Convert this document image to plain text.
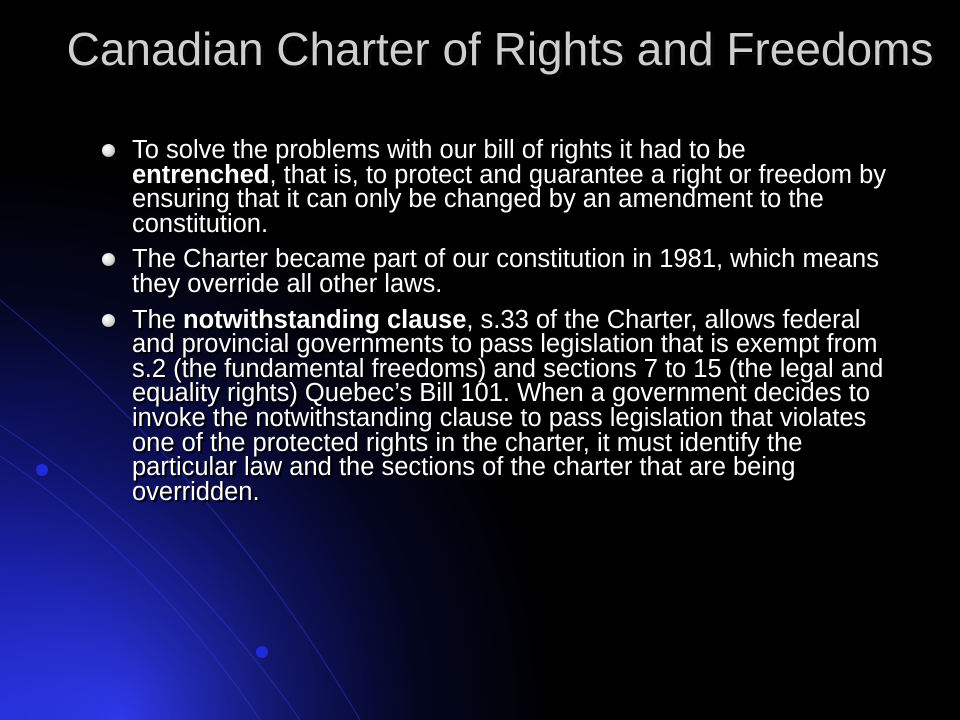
Canadian Charter of Rights and Freedoms
To solve the problems with our bill of rights it had to be entrenched, that is, to protect and guarantee a right or freedom by ensuring that it can only be changed by an amendment to the constitution.
The Charter became part of our constitution in 1981, which means they override all other laws.
The notwithstanding clause, s.33 of the Charter, allows federal and provincial governments to pass legislation that is exempt from s.2 (the fundamental freedoms) and sections 7 to 15 (the legal and equality rights) Quebec’s Bill 101. When a government decides to invoke the notwithstanding clause to pass legislation that violates one of the protected rights in the charter, it must identify the particular law and the sections of the charter that are being overridden.
